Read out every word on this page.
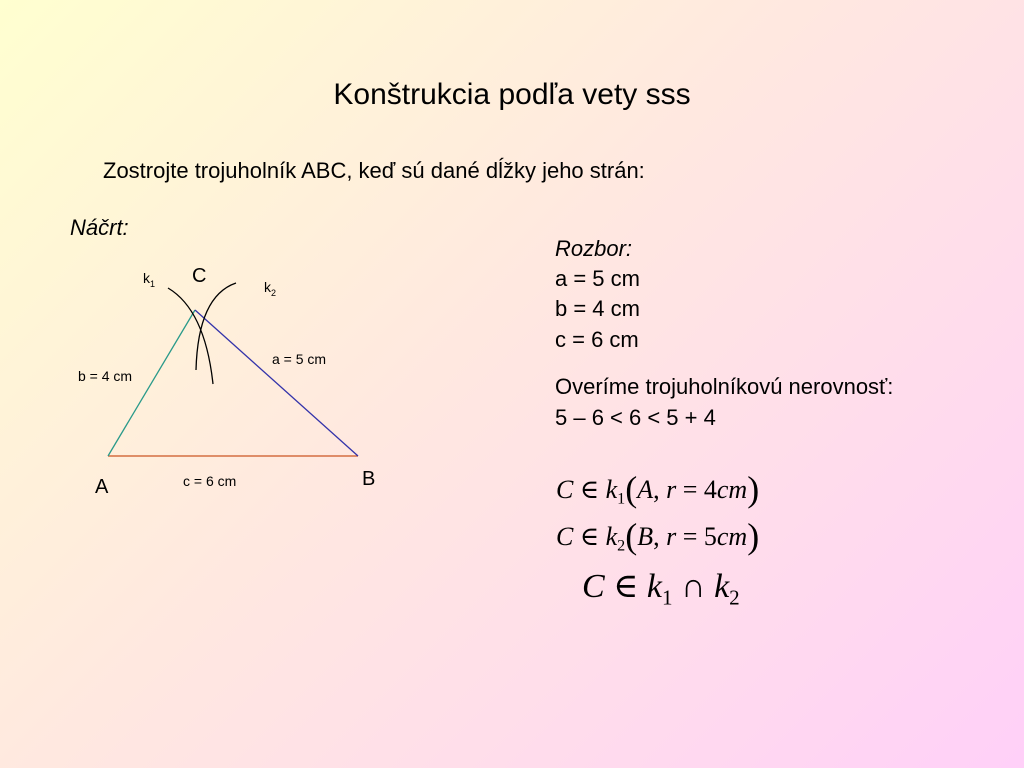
Konštrukcia podľa vety sss
Zostrojte trojuholník ABC, keď sú dané dĺžky jeho strán:
Náčrt:
C
A	B
$k_1$	$k_2$
a = 5 cm
b = 4 cm
c = 6 cm
Rozbor:
a = 5 cm
b = 4 cm
c = 6 cm
Overíme trojuholníkovú nerovnosť:
5 – 6 < 6 < 5 + 4
C ∈ $k_1(A$, r = 4cm)
C ∈ $k_2(B$, r = 5cm)
C ∈ $k_1$ ∩ $k_2$
